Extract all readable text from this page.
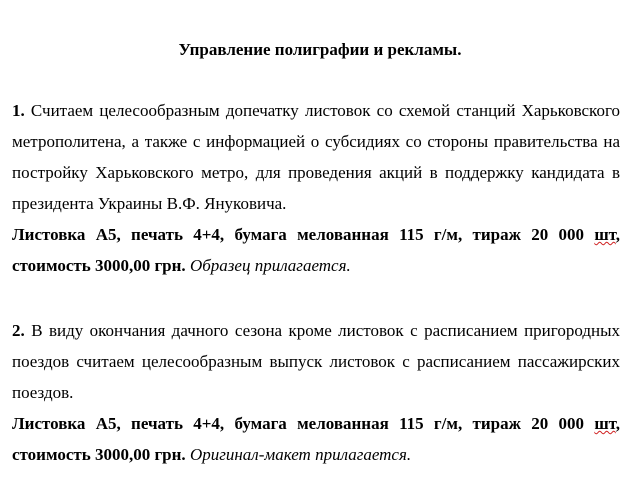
Управление полиграфии и рекламы.
1. Считаем целесообразным допечатку листовок со схемой станций Харьковского метрополитена, а также с информацией о субсидиях со стороны правительства на постройку Харьковского метро, для проведения акций в поддержку кандидата в президента Украины В.Ф. Януковича.
Листовка А5, печать 4+4, бумага мелованная 115 г/м, тираж 20 000 шт, стоимость 3000,00 грн. Образец прилагается.
2. В виду окончания дачного сезона кроме листовок с расписанием пригородных поездов считаем целесообразным выпуск листовок с расписанием пассажирских поездов.
Листовка А5, печать 4+4, бумага мелованная 115 г/м, тираж 20 000 шт, стоимость 3000,00 грн. Оригинал-макет прилагается.
